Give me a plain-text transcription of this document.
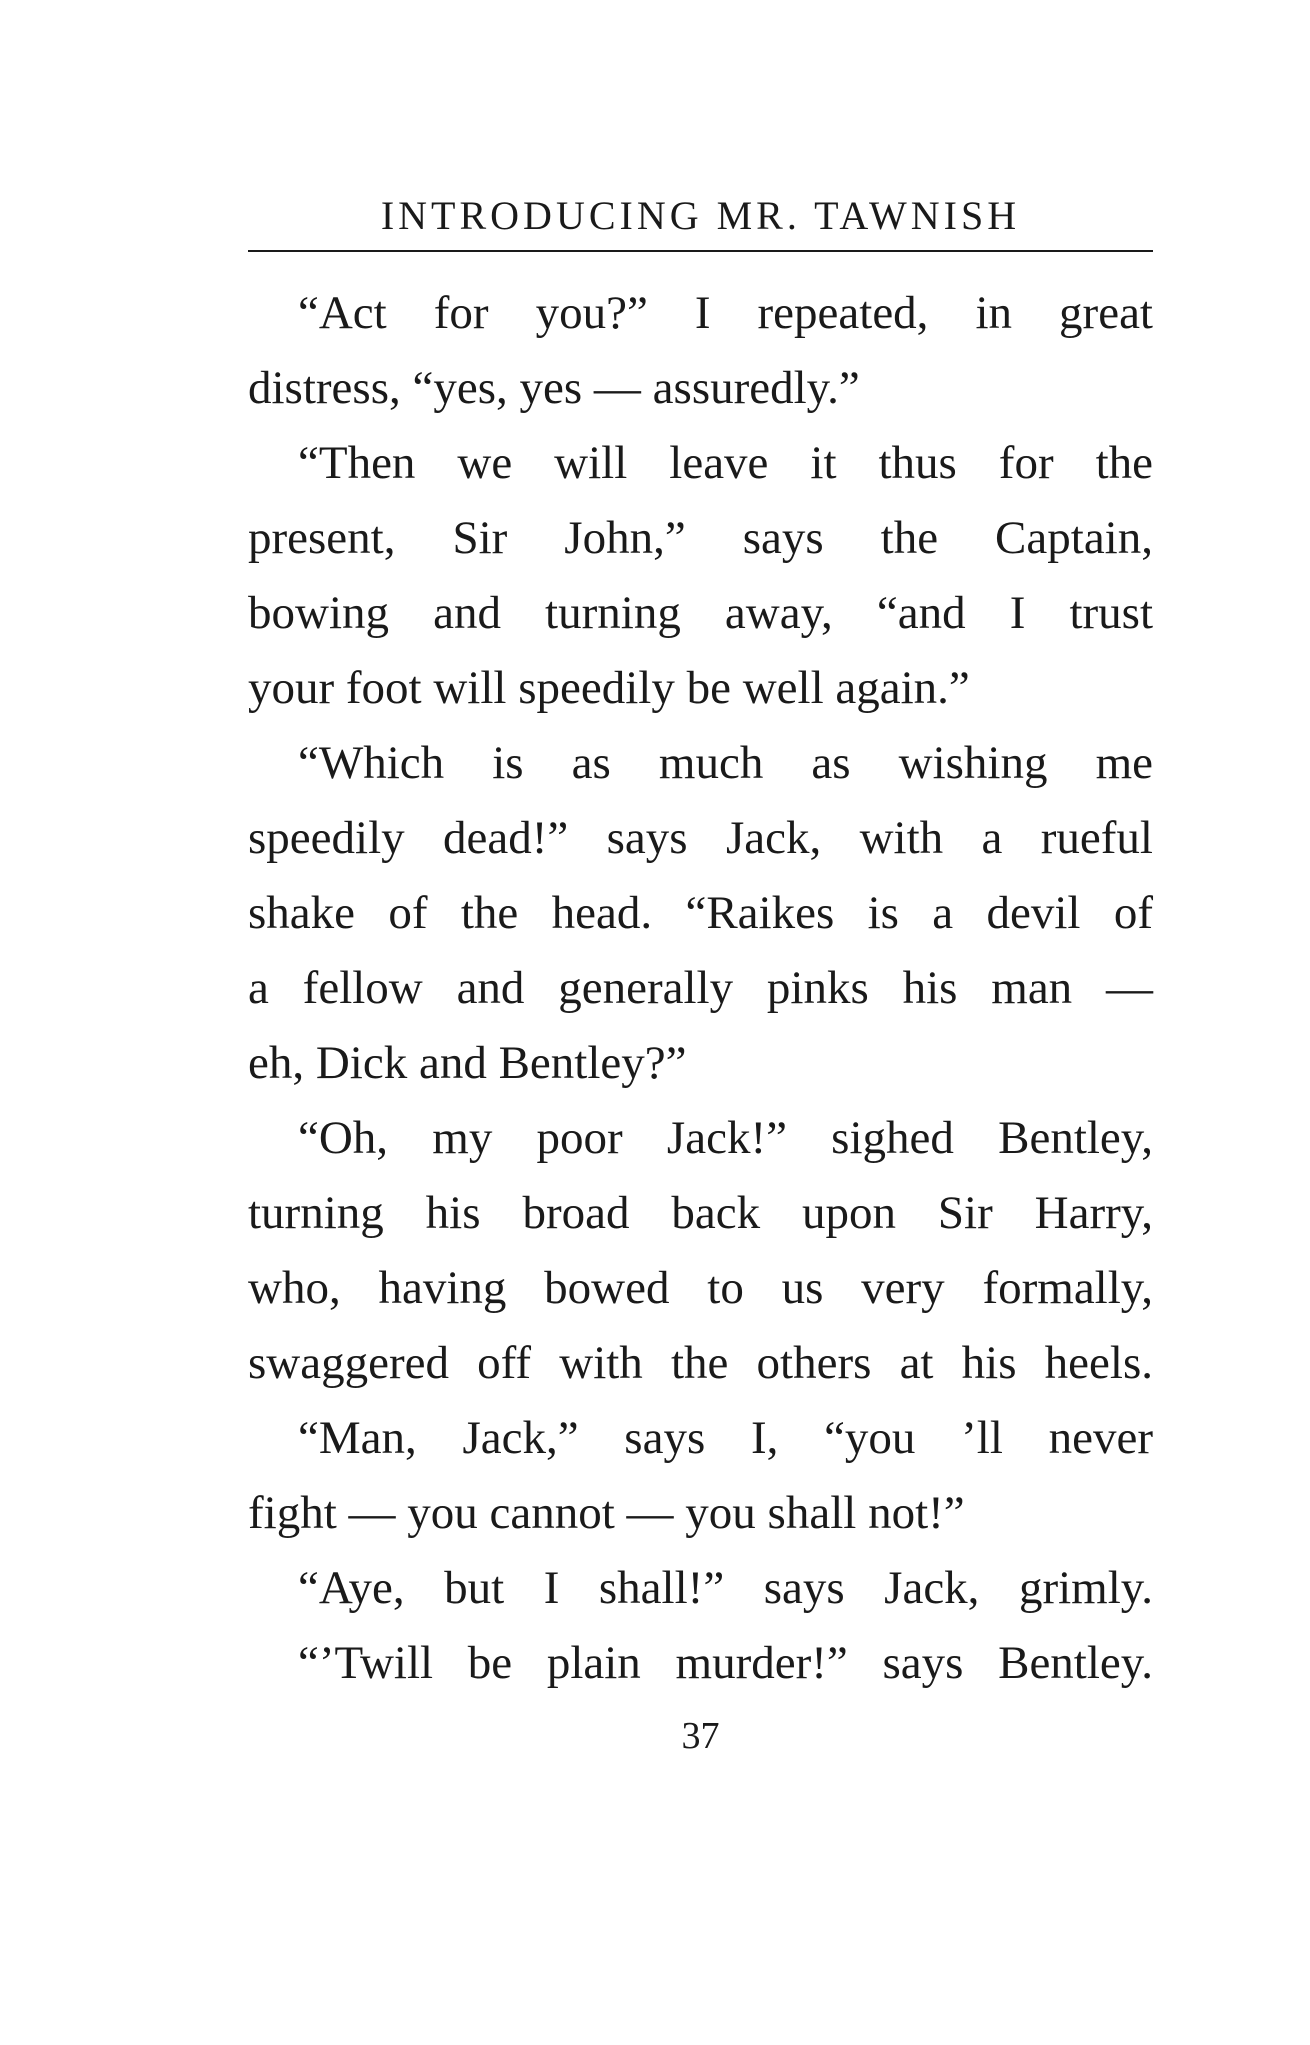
INTRODUCING MR. TAWNISH
“Act for you?” I repeated, in great
distress, “yes, yes — assuredly.”
“Then we will leave it thus for the
present, Sir John,” says the Captain,
bowing and turning away, “and I trust
your foot will speedily be well again.”
“Which is as much as wishing me
speedily dead!” says Jack, with a rueful
shake of the head. “Raikes is a devil of
a fellow and generally pinks his man —
eh, Dick and Bentley?”
“Oh, my poor Jack!” sighed Bentley,
turning his broad back upon Sir Harry,
who, having bowed to us very formally,
swaggered off with the others at his heels.
“Man, Jack,” says I, “you ’ll never
fight — you cannot — you shall not!”
“Aye, but I shall!” says Jack, grimly.
“’Twill be plain murder!” says Bentley.
37
